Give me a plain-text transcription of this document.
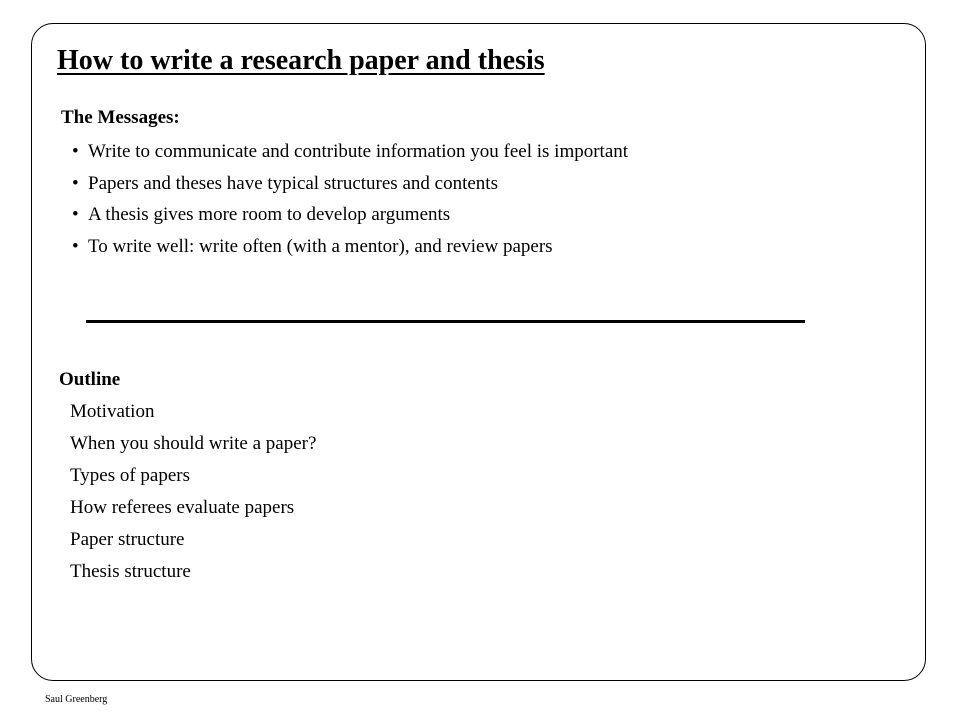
How to write a research paper and thesis
The Messages:
• Write to communicate and contribute information you feel is important
• Papers and theses have typical structures and contents
• A thesis gives more room to develop arguments
• To write well: write often (with a mentor), and review papers
Outline
Motivation
When you should write a paper?
Types of papers
How referees evaluate papers
Paper structure
Thesis structure
Saul Greenberg
